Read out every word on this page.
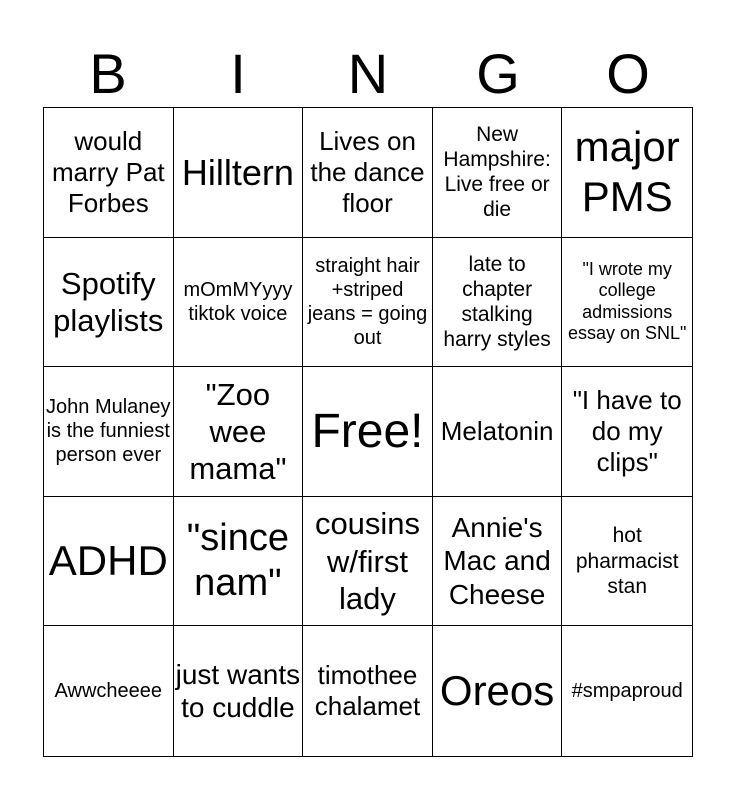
B	I	N	G	O
would marry Pat Forbes
Hilltern
Lives on the dance floor
New Hampshire: Live free or die
major PMS
Spotify playlists
mOmMYyyy tiktok voice
straight hair +striped jeans = going out
late to chapter stalking harry styles
"I wrote my college admissions essay on SNL"
John Mulaney is the funniest person ever
"Zoo wee mama"
Free! Melatonin
"I have to do my clips"
ADHD "since nam"
cousins w/first lady
Annie's Mac and Cheese
hot pharmacist stan
Awwcheeee
just wants to cuddle
timothee chalamet Oreos #smpaproud
